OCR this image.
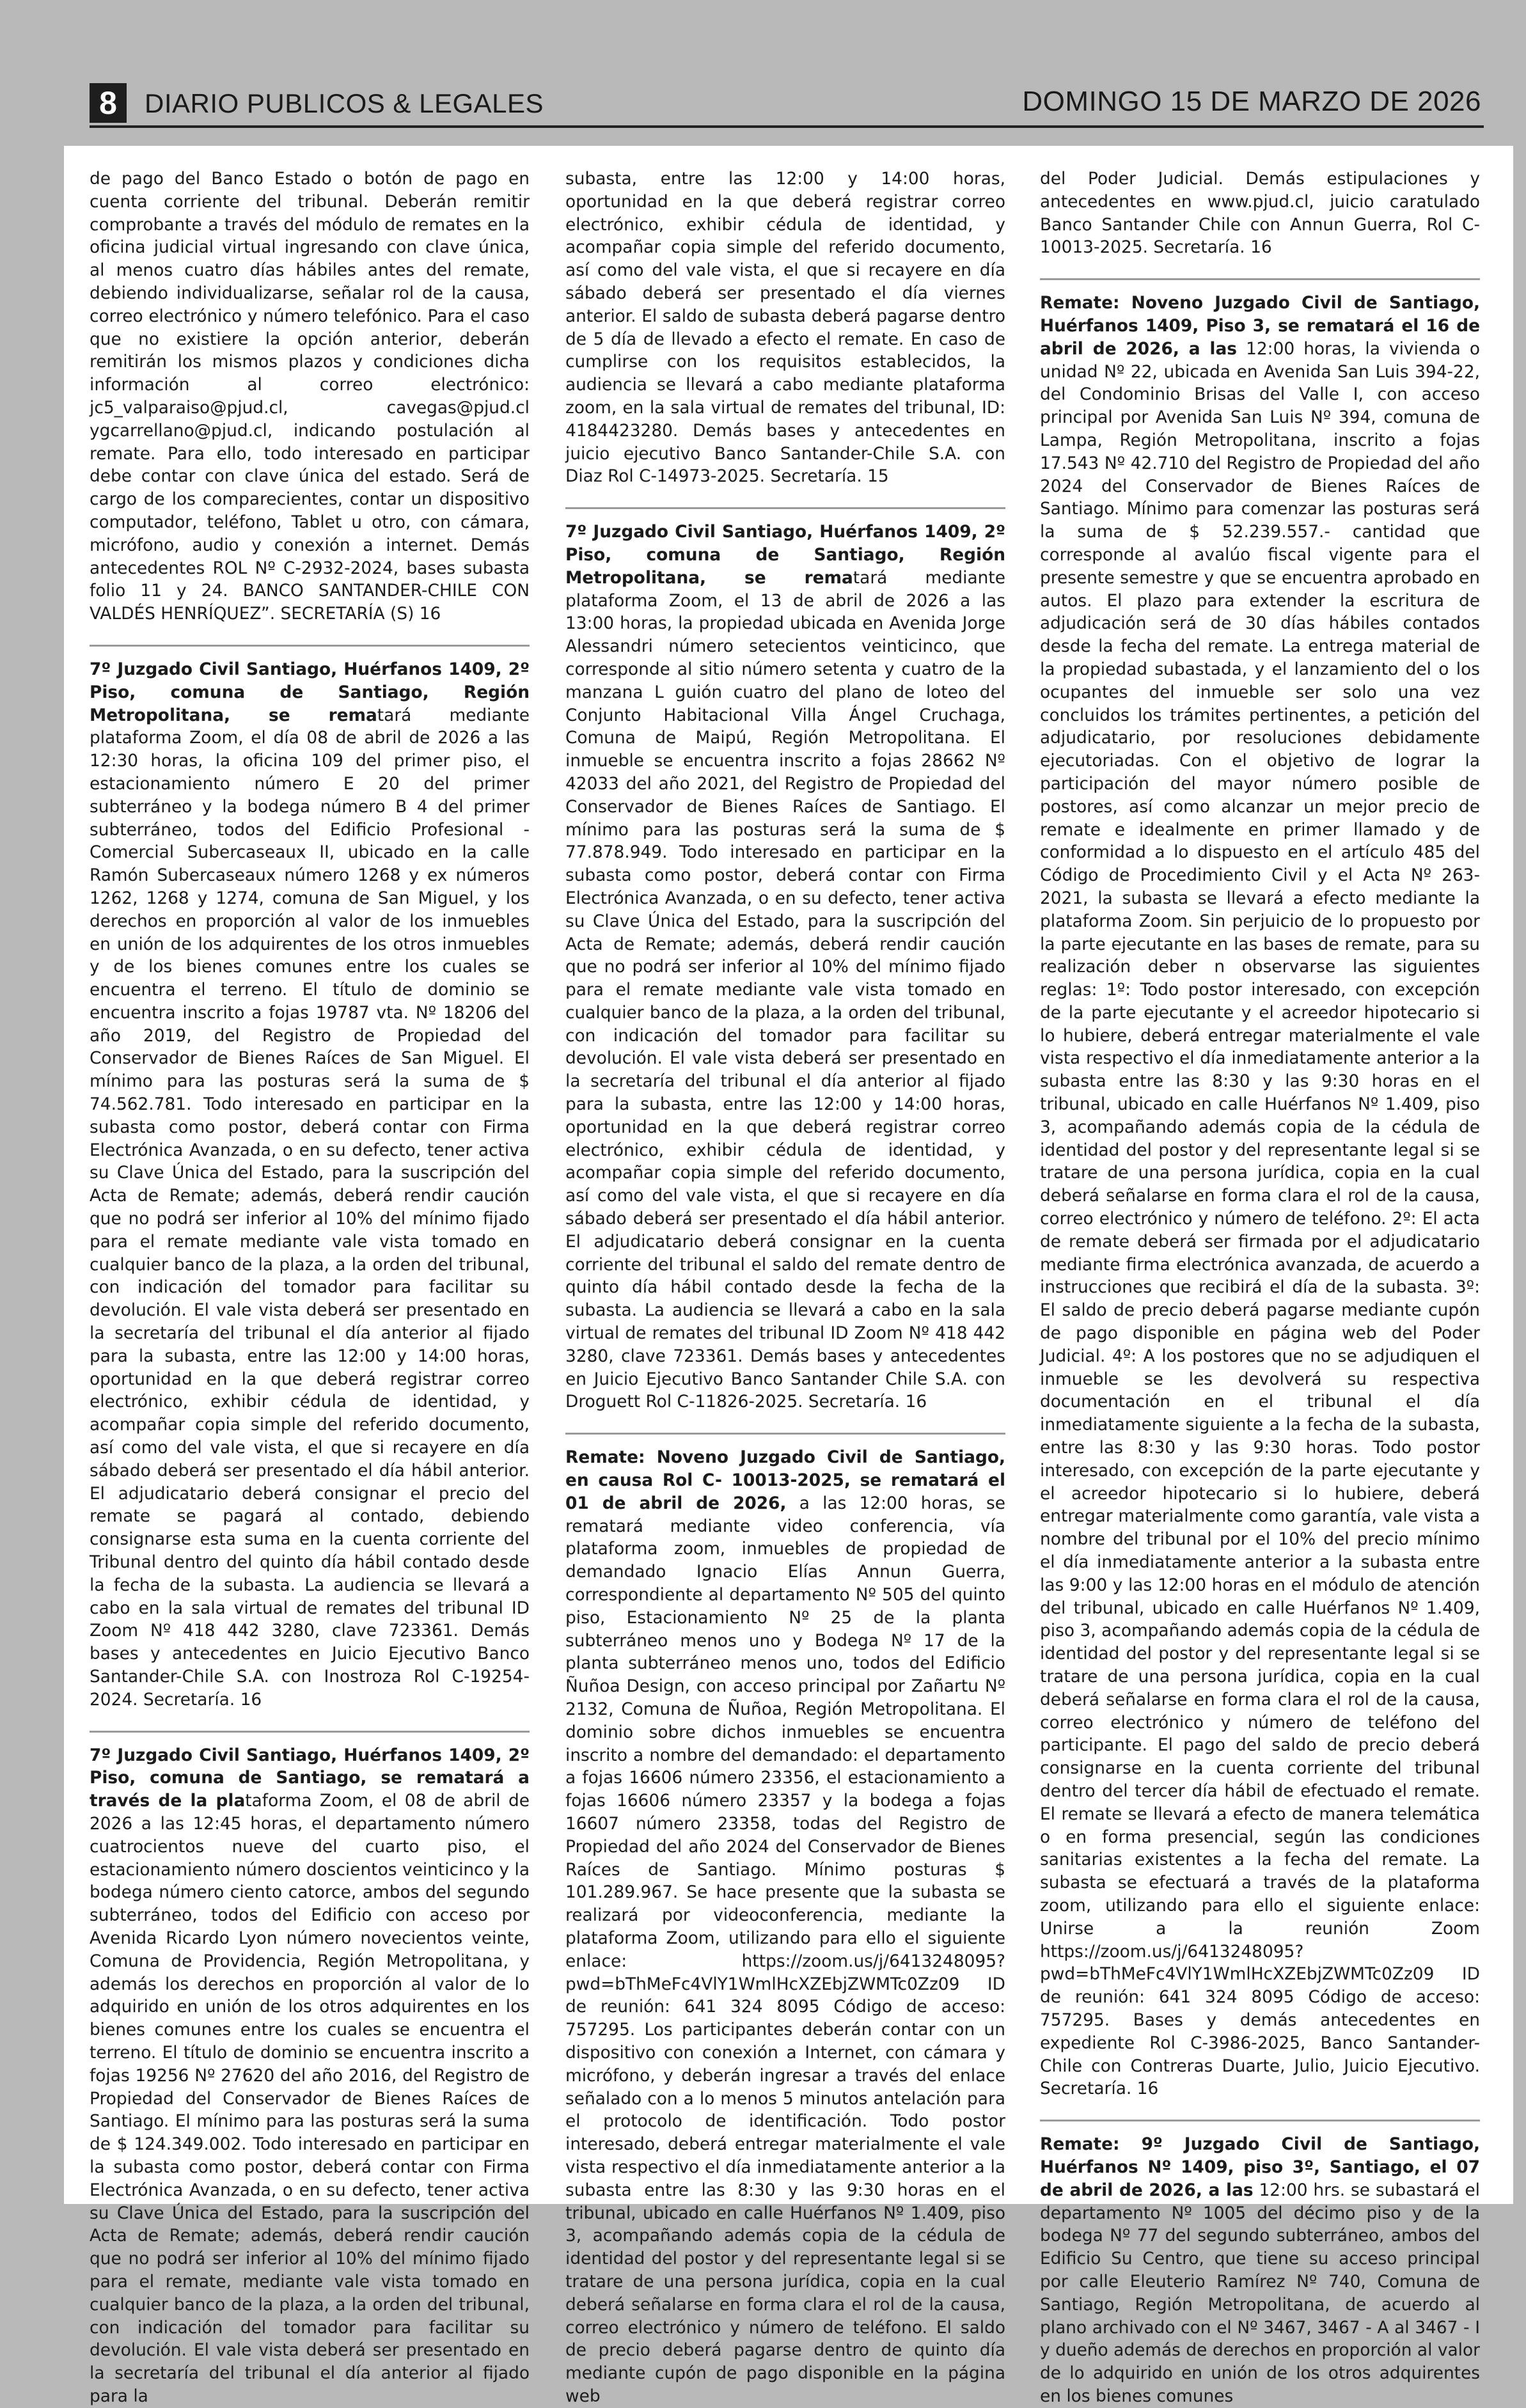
8	DIARIO PUBLICOS & LEGALES	DOMINGO 15 DE MARZO DE 2026

de pago del Banco Estado o botón de pago en cuenta corriente del tribunal. Deberán remitir comprobante a través del módulo de remates en la oficina judicial virtual ingresando con clave única, al menos cuatro días hábiles antes del remate, debiendo individualizarse, señalar rol de la causa, correo electrónico y número telefónico. Para el caso que no existiere la opción anterior, deberán remitirán los mismos plazos y condiciones dicha información al correo electrónico: jc5_valparaiso@pjud.cl, cavegas@pjud.cl ygcarrellano@pjud.cl, indicando postulación al remate. Para ello, todo interesado en participar debe contar con clave única del estado. Será de cargo de los comparecientes, contar un dispositivo computador, teléfono, Tablet u otro, con cámara, micrófono, audio y conexión a internet. Demás antecedentes ROL Nº C-2932-2024, bases subasta folio 11 y 24. BANCO SANTANDER-CHILE CON VALDÉS HENRÍQUEZ”. SECRETARÍA (S) 16

7º Juzgado Civil Santiago, Huérfanos 1409, 2º Piso, comuna de Santiago, Región Metropolitana, se rematará mediante plataforma Zoom, el día 08 de abril de 2026 a las 12:30 horas, la oficina 109 del primer piso, el estacionamiento número E 20 del primer subterráneo y la bodega número B 4 del primer subterráneo, todos del Edificio Profesional - Comercial Subercaseaux II, ubicado en la calle Ramón Subercaseaux número 1268 y ex números 1262, 1268 y 1274, comuna de San Miguel, y los derechos en proporción al valor de los inmuebles en unión de los adquirentes de los otros inmuebles y de los bienes comunes entre los cuales se encuentra el terreno. El título de dominio se encuentra inscrito a fojas 19787 vta. Nº 18206 del año 2019, del Registro de Propiedad del Conservador de Bienes Raíces de San Miguel. El mínimo para las posturas será la suma de $ 74.562.781. Todo interesado en participar en la subasta como postor, deberá contar con Firma Electrónica Avanzada, o en su defecto, tener activa su Clave Única del Estado, para la suscripción del Acta de Remate; además, deberá rendir caución que no podrá ser inferior al 10% del mínimo fijado para el remate mediante vale vista tomado en cualquier banco de la plaza, a la orden del tribunal, con indicación del tomador para facilitar su devolución. El vale vista deberá ser presentado en la secretaría del tribunal el día anterior al fijado para la subasta, entre las 12:00 y 14:00 horas, oportunidad en la que deberá registrar correo electrónico, exhibir cédula de identidad, y acompañar copia simple del referido documento, así como del vale vista, el que si recayere en día sábado deberá ser presentado el día hábil anterior. El adjudicatario deberá consignar el precio del remate se pagará al contado, debiendo consignarse esta suma en la cuenta corriente del Tribunal dentro del quinto día hábil contado desde la fecha de la subasta. La audiencia se llevará a cabo en la sala virtual de remates del tribunal ID Zoom Nº 418 442 3280, clave 723361. Demás bases y antecedentes en Juicio Ejecutivo Banco Santander-Chile S.A. con Inostroza Rol C-19254-2024. Secretaría. 16

7º Juzgado Civil Santiago, Huérfanos 1409, 2º Piso, comuna de Santiago, se rematará a través de la plataforma Zoom, el 08 de abril de 2026 a las 12:45 horas, el departamento número cuatrocientos nueve del cuarto piso, el estacionamiento número doscientos veinticinco y la bodega número ciento catorce, ambos del segundo subterráneo, todos del Edificio con acceso por Avenida Ricardo Lyon número novecientos veinte, Comuna de Providencia, Región Metropolitana, y además los derechos en proporción al valor de lo adquirido en unión de los otros adquirentes en los bienes comunes entre los cuales se encuentra el terreno. El título de dominio se encuentra inscrito a fojas 19256 Nº 27620 del año 2016, del Registro de Propiedad del Conservador de Bienes Raíces de Santiago. El mínimo para las posturas será la suma de $ 124.349.002. Todo interesado en participar en la subasta como postor, deberá contar con Firma Electrónica Avanzada, o en su defecto, tener activa su Clave Única del Estado, para la suscripción del Acta de Remate; además, deberá rendir caución que no podrá ser inferior al 10% del mínimo fijado para el remate, mediante vale vista tomado en cualquier banco de la plaza, a la orden del tribunal, con indicación del tomador para facilitar su devolución. El vale vista deberá ser presentado en la secretaría del tribunal el día anterior al fijado para la

subasta, entre las 12:00 y 14:00 horas, oportunidad en la que deberá registrar correo electrónico, exhibir cédula de identidad, y acompañar copia simple del referido documento, así como del vale vista, el que si recayere en día sábado deberá ser presentado el día viernes anterior. El saldo de subasta deberá pagarse dentro de 5 día de llevado a efecto el remate. En caso de cumplirse con los requisitos establecidos, la audiencia se llevará a cabo mediante plataforma zoom, en la sala virtual de remates del tribunal, ID: 4184423280. Demás bases y antecedentes en juicio ejecutivo Banco Santander-Chile S.A. con Diaz Rol C-14973-2025. Secretaría. 15

7º Juzgado Civil Santiago, Huérfanos 1409, 2º Piso, comuna de Santiago, Región Metropolitana, se rematará mediante plataforma Zoom, el 13 de abril de 2026 a las 13:00 horas, la propiedad ubicada en Avenida Jorge Alessandri número setecientos veinticinco, que corresponde al sitio número setenta y cuatro de la manzana L guión cuatro del plano de loteo del Conjunto Habitacional Villa Ángel Cruchaga, Comuna de Maipú, Región Metropolitana. El inmueble se encuentra inscrito a fojas 28662 Nº 42033 del año 2021, del Registro de Propiedad del Conservador de Bienes Raíces de Santiago. El mínimo para las posturas será la suma de $ 77.878.949. Todo interesado en participar en la subasta como postor, deberá contar con Firma Electrónica Avanzada, o en su defecto, tener activa su Clave Única del Estado, para la suscripción del Acta de Remate; además, deberá rendir caución que no podrá ser inferior al 10% del mínimo fijado para el remate mediante vale vista tomado en cualquier banco de la plaza, a la orden del tribunal, con indicación del tomador para facilitar su devolución. El vale vista deberá ser presentado en la secretaría del tribunal el día anterior al fijado para la subasta, entre las 12:00 y 14:00 horas, oportunidad en la que deberá registrar correo electrónico, exhibir cédula de identidad, y acompañar copia simple del referido documento, así como del vale vista, el que si recayere en día sábado deberá ser presentado el día hábil anterior. El adjudicatario deberá consignar en la cuenta corriente del tribunal el saldo del remate dentro de quinto día hábil contado desde la fecha de la subasta. La audiencia se llevará a cabo en la sala virtual de remates del tribunal ID Zoom Nº 418 442 3280, clave 723361. Demás bases y antecedentes en Juicio Ejecutivo Banco Santander Chile S.A. con Droguett Rol C-11826-2025. Secretaría. 16

Remate: Noveno Juzgado Civil de Santiago, en causa Rol C- 10013-2025, se rematará el 01 de abril de 2026, a las 12:00 horas, se rematará mediante video conferencia, vía plataforma zoom, inmuebles de propiedad de demandado Ignacio Elías Annun Guerra, correspondiente al departamento Nº 505 del quinto piso, Estacionamiento Nº 25 de la planta subterráneo menos uno y Bodega Nº 17 de la planta subterráneo menos uno, todos del Edificio Ñuñoa Design, con acceso principal por Zañartu Nº 2132, Comuna de Ñuñoa, Región Metropolitana. El dominio sobre dichos inmuebles se encuentra inscrito a nombre del demandado: el departamento a fojas 16606 número 23356, el estacionamiento a fojas 16606 número 23357 y la bodega a fojas 16607 número 23358, todas del Registro de Propiedad del año 2024 del Conservador de Bienes Raíces de Santiago. Mínimo posturas $ 101.289.967. Se hace presente que la subasta se realizará por videoconferencia, mediante la plataforma Zoom, utilizando para ello el siguiente enlace: https://zoom.us/j/6413248095?pwd=bThMeFc4VlY1WmlHcXZEbjZWMTc0Zz09 ID de reunión: 641 324 8095 Código de acceso: 757295. Los participantes deberán contar con un dispositivo con conexión a Internet, con cámara y micrófono, y deberán ingresar a través del enlace señalado con a lo menos 5 minutos antelación para el protocolo de identificación. Todo postor interesado, deberá entregar materialmente el vale vista respectivo el día inmediatamente anterior a la subasta entre las 8:30 y las 9:30 horas en el tribunal, ubicado en calle Huérfanos Nº 1.409, piso 3, acompañando además copia de la cédula de identidad del postor y del representante legal si se tratare de una persona jurídica, copia en la cual deberá señalarse en forma clara el rol de la causa, correo electrónico y número de teléfono. El saldo de precio deberá pagarse dentro de quinto día mediante cupón de pago disponible en la página web

del Poder Judicial. Demás estipulaciones y antecedentes en www.pjud.cl, juicio caratulado Banco Santander Chile con Annun Guerra, Rol C- 10013-2025. Secretaría. 16

Remate: Noveno Juzgado Civil de Santiago, Huérfanos 1409, Piso 3, se rematará el 16 de abril de 2026, a las 12:00 horas, la vivienda o unidad Nº 22, ubicada en Avenida San Luis 394-22, del Condominio Brisas del Valle I, con acceso principal por Avenida San Luis Nº 394, comuna de Lampa, Región Metropolitana, inscrito a fojas 17.543 Nº 42.710 del Registro de Propiedad del año 2024 del Conservador de Bienes Raíces de Santiago. Mínimo para comenzar las posturas será la suma de $ 52.239.557.- cantidad que corresponde al avalúo fiscal vigente para el presente semestre y que se encuentra aprobado en autos. El plazo para extender la escritura de adjudicación será de 30 días hábiles contados desde la fecha del remate. La entrega material de la propiedad subastada, y el lanzamiento del o los ocupantes del inmueble ser solo una vez concluidos los trámites pertinentes, a petición del adjudicatario, por resoluciones debidamente ejecutoriadas. Con el objetivo de lograr la participación del mayor número posible de postores, así como alcanzar un mejor precio de remate e idealmente en primer llamado y de conformidad a lo dispuesto en el artículo 485 del Código de Procedimiento Civil y el Acta Nº 263-2021, la subasta se llevará a efecto mediante la plataforma Zoom. Sin perjuicio de lo propuesto por la parte ejecutante en las bases de remate, para su realización deber n observarse las siguientes reglas: 1º: Todo postor interesado, con excepción de la parte ejecutante y el acreedor hipotecario si lo hubiere, deberá entregar materialmente el vale vista respectivo el día inmediatamente anterior a la subasta entre las 8:30 y las 9:30 horas en el tribunal, ubicado en calle Huérfanos Nº 1.409, piso 3, acompañando además copia de la cédula de identidad del postor y del representante legal si se tratare de una persona jurídica, copia en la cual deberá señalarse en forma clara el rol de la causa, correo electrónico y número de teléfono. 2º: El acta de remate deberá ser firmada por el adjudicatario mediante firma electrónica avanzada, de acuerdo a instrucciones que recibirá el día de la subasta. 3º: El saldo de precio deberá pagarse mediante cupón de pago disponible en página web del Poder Judicial. 4º: A los postores que no se adjudiquen el inmueble se les devolverá su respectiva documentación en el tribunal el día inmediatamente siguiente a la fecha de la subasta, entre las 8:30 y las 9:30 horas. Todo postor interesado, con excepción de la parte ejecutante y el acreedor hipotecario si lo hubiere, deberá entregar materialmente como garantía, vale vista a nombre del tribunal por el 10% del precio mínimo el día inmediatamente anterior a la subasta entre las 9:00 y las 12:00 horas en el módulo de atención del tribunal, ubicado en calle Huérfanos Nº 1.409, piso 3, acompañando además copia de la cédula de identidad del postor y del representante legal si se tratare de una persona jurídica, copia en la cual deberá señalarse en forma clara el rol de la causa, correo electrónico y número de teléfono del participante. El pago del saldo de precio deberá consignarse en la cuenta corriente del tribunal dentro del tercer día hábil de efectuado el remate. El remate se llevará a efecto de manera telemática o en forma presencial, según las condiciones sanitarias existentes a la fecha del remate. La subasta se efectuará a través de la plataforma zoom, utilizando para ello el siguiente enlace: Unirse a la reunión Zoom https://zoom.us/j/6413248095?pwd=bThMeFc4VlY1WmlHcXZEbjZWMTc0Zz09 ID de reunión: 641 324 8095 Código de acceso: 757295. Bases y demás antecedentes en expediente Rol C-3986-2025, Banco Santander-Chile con Contreras Duarte, Julio, Juicio Ejecutivo. Secretaría. 16

Remate: 9º Juzgado Civil de Santiago, Huérfanos Nº 1409, piso 3º, Santiago, el 07 de abril de 2026, a las 12:00 hrs. se subastará el departamento Nº 1005 del décimo piso y de la bodega Nº 77 del segundo subterráneo, ambos del Edificio Su Centro, que tiene su acceso principal por calle Eleuterio Ramírez Nº 740, Comuna de Santiago, Región Metropolitana, de acuerdo al plano archivado con el Nº 3467, 3467 - A al 3467 - I y dueño además de derechos en proporción al valor de lo adquirido en unión de los otros adquirentes en los bienes comunes
